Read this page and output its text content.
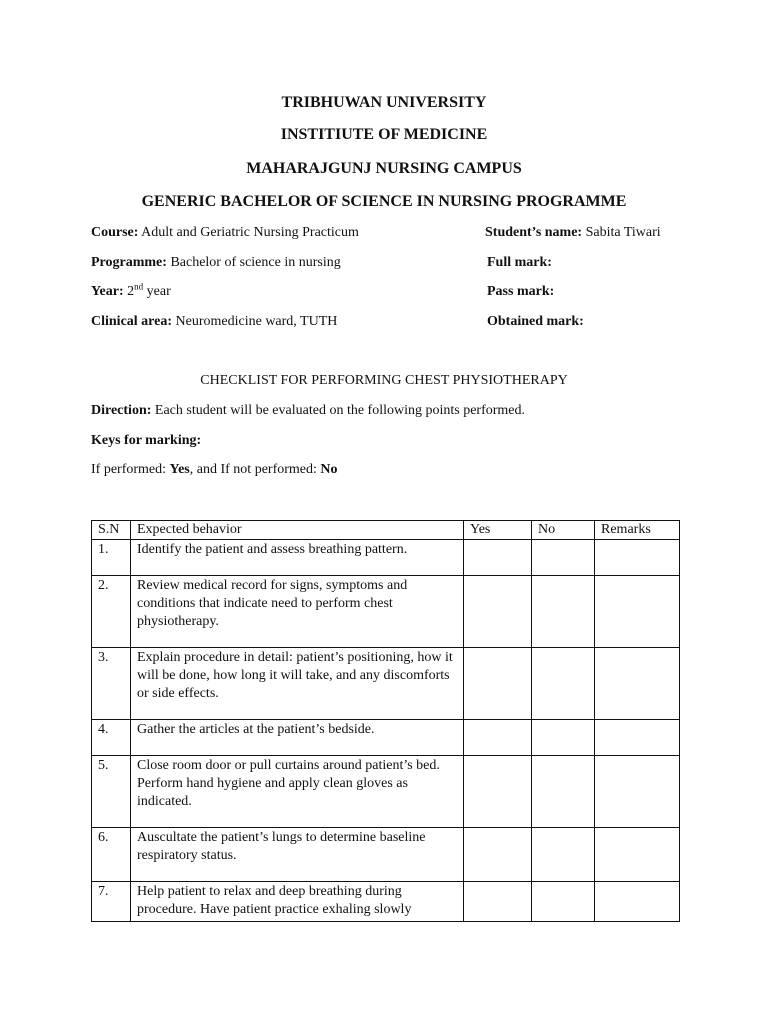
TRIBHUWAN UNIVERSITY
INSTITIUTE OF MEDICINE
MAHARAJGUNJ NURSING CAMPUS
GENERIC BACHELOR OF SCIENCE IN NURSING PROGRAMME
Course: Adult and Geriatric Nursing Practicum
Programme: Bachelor of science in nursing
Year: 2nd year
Clinical area: Neuromedicine ward, TUTH
Student’s name: Sabita Tiwari
Full mark:
Pass mark:
Obtained mark:
CHECKLIST FOR PERFORMING CHEST PHYSIOTHERAPY
Direction: Each student will be evaluated on the following points performed.
Keys for marking:
If performed: Yes, and If not performed: No
S.N	Expected behavior	Yes	No	Remarks
1.	Identify the patient and assess breathing pattern.			
2.	Review medical record for signs, symptoms and conditions that indicate need to perform chest physiotherapy.			
3.	Explain procedure in detail: patient’s positioning, how it will be done, how long it will take, and any discomforts or side effects.			
4.	Gather the articles at the patient’s bedside.			
5.	Close room door or pull curtains around patient’s bed. Perform hand hygiene and apply clean gloves as indicated.			
6.	Auscultate the patient’s lungs to determine baseline respiratory status.			
7.	Help patient to relax and deep breathing during procedure. Have patient practice exhaling slowly			
